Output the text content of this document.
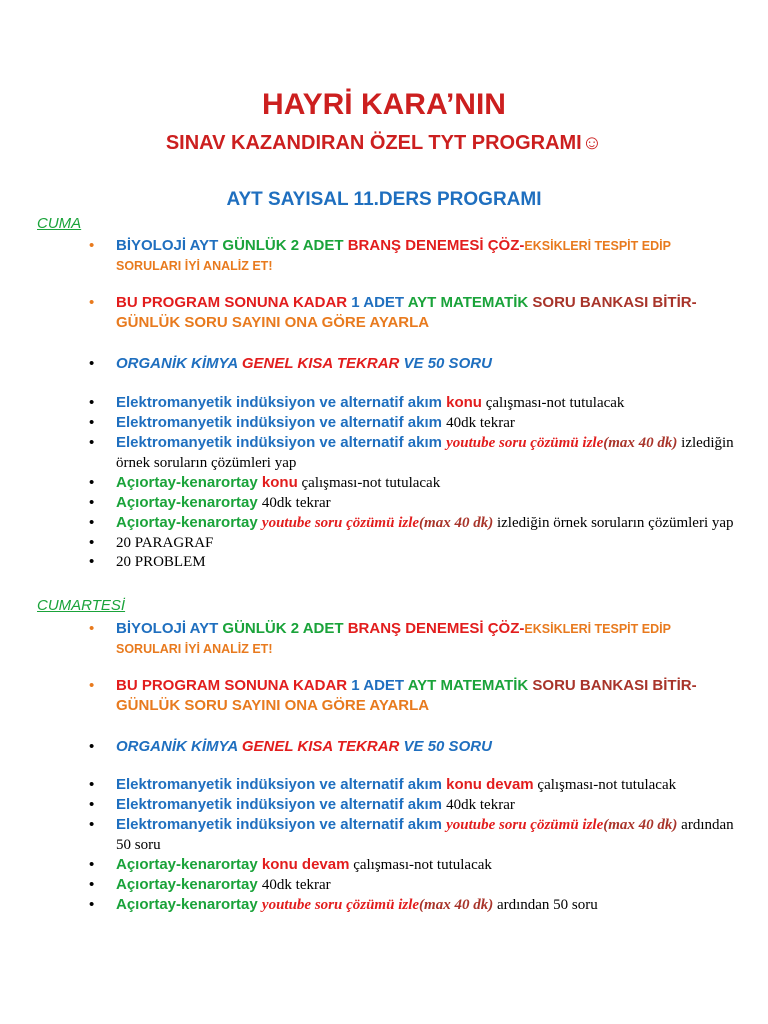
HAYRİ KARA’NIN
SINAV KAZANDIRAN ÖZEL TYT PROGRAMI☺
AYT SAYISAL 11.DERS PROGRAMI
CUMA
• BİYOLOJİ AYT GÜNLÜK 2 ADET BRANŞ DENEMESİ ÇÖZ-EKSİKLERİ TESPİT EDİP SORULARI İYİ ANALİZ ET!
• BU PROGRAM SONUNA KADAR 1 ADET AYT MATEMATİK SORU BANKASI BİTİR-GÜNLÜK SORU SAYINI ONA GÖRE AYARLA
• ORGANİK KİMYA GENEL KISA TEKRAR VE 50 SORU
• Elektromanyetik indüksiyon ve alternatif akım konu çalışması-not tutulacak
• Elektromanyetik indüksiyon ve alternatif akım 40dk tekrar
• Elektromanyetik indüksiyon ve alternatif akım youtube soru çözümü izle(max 40 dk) izlediğin örnek soruların çözümleri yap
• Açıortay-kenarortay konu çalışması-not tutulacak
• Açıortay-kenarortay 40dk tekrar
• Açıortay-kenarortay youtube soru çözümü izle(max 40 dk) izlediğin örnek soruların çözümleri yap
• 20 PARAGRAF
• 20 PROBLEM
CUMARTESİ
• BİYOLOJİ AYT GÜNLÜK 2 ADET BRANŞ DENEMESİ ÇÖZ-EKSİKLERİ TESPİT EDİP SORULARI İYİ ANALİZ ET!
• BU PROGRAM SONUNA KADAR 1 ADET AYT MATEMATİK SORU BANKASI BİTİR-GÜNLÜK SORU SAYINI ONA GÖRE AYARLA
• ORGANİK KİMYA GENEL KISA TEKRAR VE 50 SORU
• Elektromanyetik indüksiyon ve alternatif akım konu devam çalışması-not tutulacak
• Elektromanyetik indüksiyon ve alternatif akım 40dk tekrar
• Elektromanyetik indüksiyon ve alternatif akım youtube soru çözümü izle(max 40 dk) ardından 50 soru
• Açıortay-kenarortay konu devam çalışması-not tutulacak
• Açıortay-kenarortay 40dk tekrar
• Açıortay-kenarortay youtube soru çözümü izle(max 40 dk) ardından 50 soru
